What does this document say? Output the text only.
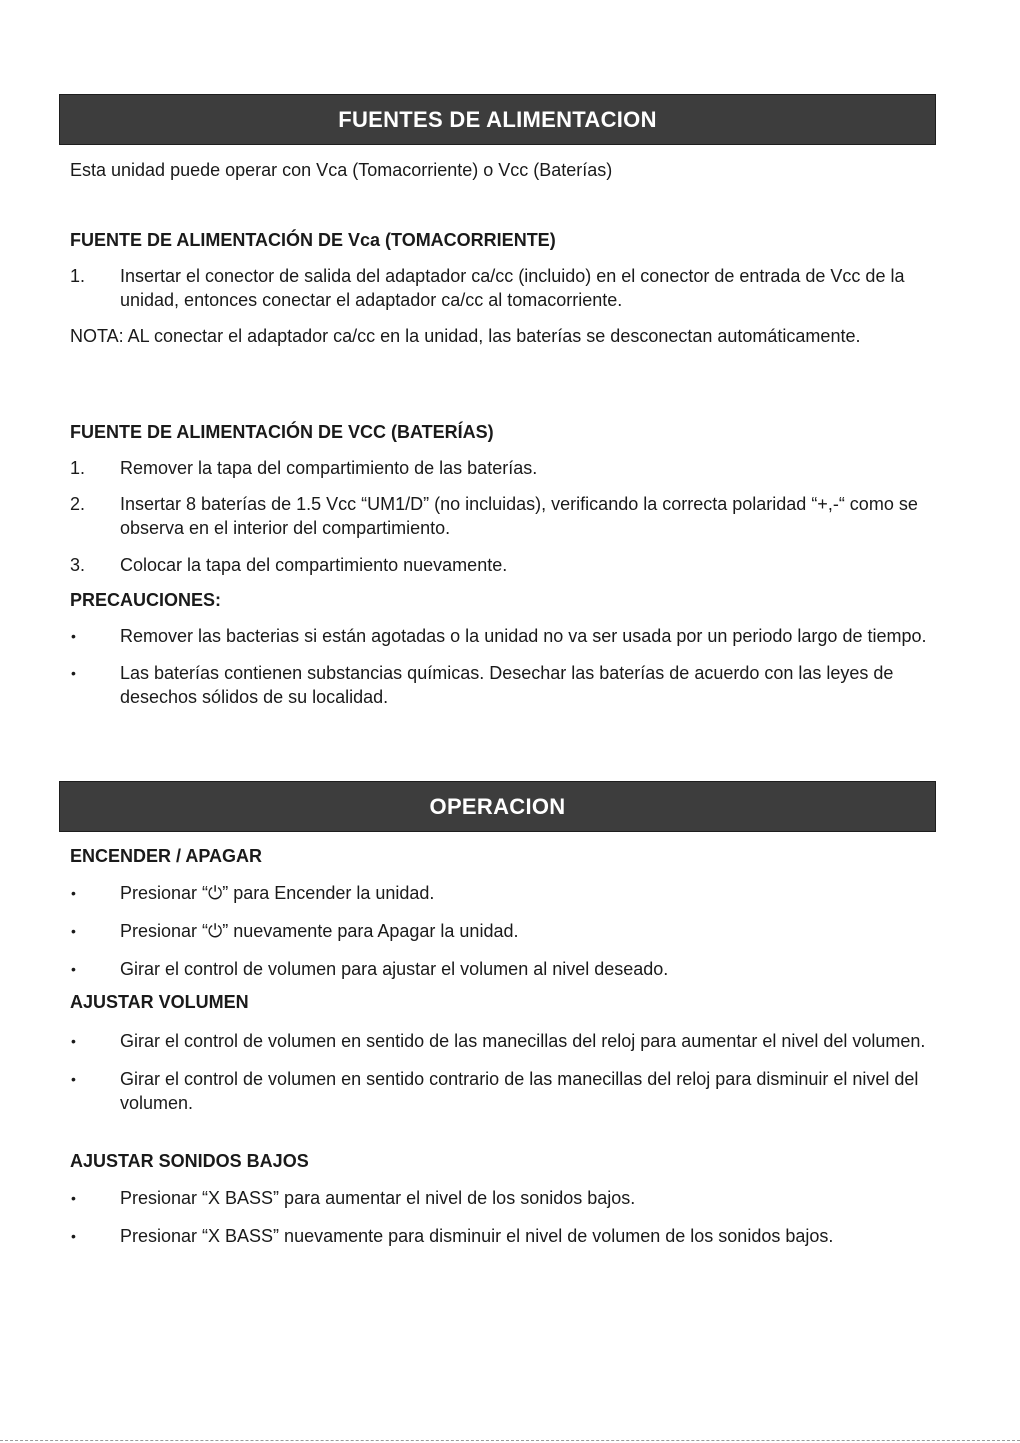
FUENTES DE ALIMENTACION

Esta unidad puede operar con Vca (Tomacorriente) o Vcc (Baterías)

FUENTE DE ALIMENTACIÓN DE Vca (TOMACORRIENTE)
1.	Insertar el conector de salida del adaptador ca/cc (incluido) en el conector de entrada de Vcc de la unidad, entonces conectar el adaptador ca/cc al tomacorriente.

NOTA: AL conectar el adaptador ca/cc en la unidad, las baterías se desconectan automáticamente.

FUENTE DE ALIMENTACIÓN DE VCC (BATERÍAS)
1.	Remover la tapa del compartimiento de las baterías.
2.	Insertar 8 baterías de 1.5 Vcc “UM1/D” (no incluidas), verificando la correcta polaridad “+,-“ como se observa en el interior del compartimiento.
3.	Colocar la tapa del compartimiento nuevamente.
PRECAUCIONES:
•	Remover las bacterias si están agotadas o la unidad no va ser usada por un periodo largo de tiempo.
•	Las baterías contienen substancias químicas. Desechar las baterías de acuerdo con las leyes de desechos sólidos de su localidad.
OPERACION
ENCENDER / APAGAR
•	Presionar “⏻” para Encender la unidad.
•	Presionar “⏻” nuevamente para Apagar la unidad.
•	Girar el control de volumen para ajustar el volumen al nivel deseado.
AJUSTAR VOLUMEN
•	Girar el control de volumen en sentido de las manecillas del reloj para aumentar el nivel del volumen.
•	Girar el control de volumen en sentido contrario de las manecillas del reloj para disminuir el nivel del volumen.
AJUSTAR SONIDOS BAJOS
•	Presionar “X BASS” para aumentar el nivel de los sonidos bajos.
•	Presionar “X BASS” nuevamente para disminuir el nivel de volumen de los sonidos bajos.
